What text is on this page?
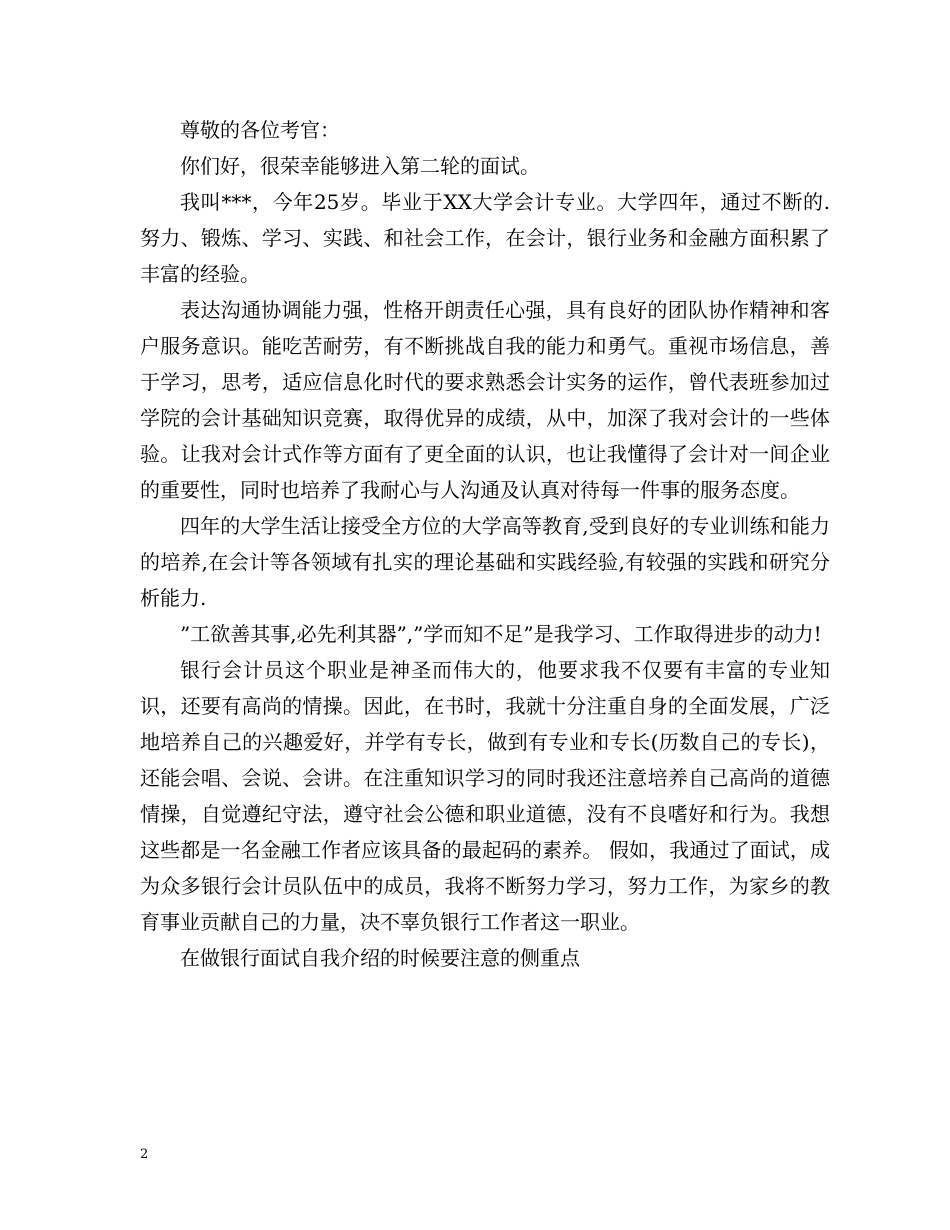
尊敬的各位考官：

你们好，很荣幸能够进入第二轮的面试。

我叫***，今年25岁。毕业于XX大学会计专业。大学四年，通过不断的.努力、锻炼、学习、实践、和社会工作，在会计，银行业务和金融方面积累了丰富的经验。

表达沟通协调能力强，性格开朗责任心强，具有良好的团队协作精神和客户服务意识。能吃苦耐劳，有不断挑战自我的能力和勇气。重视市场信息，善于学习，思考，适应信息化时代的要求熟悉会计实务的运作，曾代表班参加过学院的会计基础知识竞赛，取得优异的成绩，从中，加深了我对会计的一些体验。让我对会计式作等方面有了更全面的认识，也让我懂得了会计对一间企业的重要性，同时也培养了我耐心与人沟通及认真对待每一件事的服务态度。

四年的大学生活让接受全方位的大学高等教育,受到良好的专业训练和能力的培养,在会计等各领域有扎实的理论基础和实践经验,有较强的实践和研究分析能力.

”工欲善其事,必先利其器”,”学而知不足”是我学习、工作取得进步的动力!

银行会计员这个职业是神圣而伟大的，他要求我不仅要有丰富的专业知识，还要有高尚的情操。因此，在书时，我就十分注重自身的全面发展，广泛地培养自己的兴趣爱好，并学有专长，做到有专业和专长(历数自己的专长)，还能会唱、会说、会讲。在注重知识学习的同时我还注意培养自己高尚的道德情操，自觉遵纪守法，遵守社会公德和职业道德，没有不良嗜好和行为。我想这些都是一名金融工作者应该具备的最起码的素养。 假如，我通过了面试，成为众多银行会计员队伍中的成员，我将不断努力学习，努力工作，为家乡的教育事业贡献自己的力量，决不辜负银行工作者这一职业。

在做银行面试自我介绍的时候要注意的侧重点

2
